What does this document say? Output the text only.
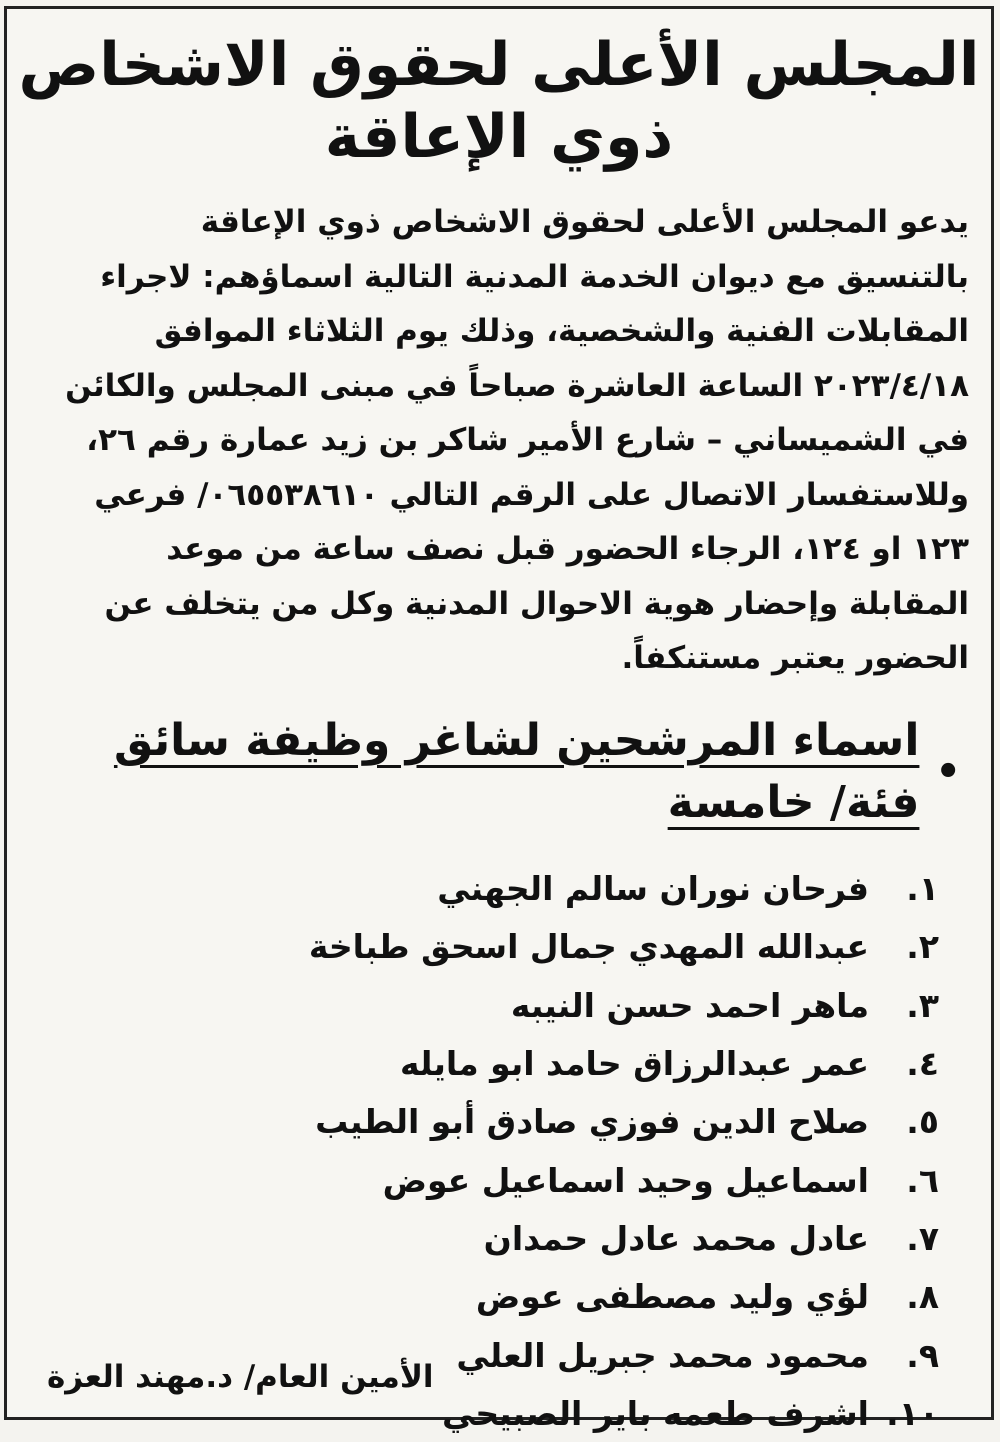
المجلس الأعلى لحقوق الاشخاص
ذوي الإعاقة
يدعو المجلس الأعلى لحقوق الاشخاص ذوي الإعاقة
بالتنسيق مع ديوان الخدمة المدنية التالية اسماؤهم: لاجراء
المقابلات الفنية والشخصية، وذلك يوم الثلاثاء الموافق
٢٠٢٣/٤/١٨ الساعة العاشرة صباحاً في مبنى المجلس والكائن
في الشميساني – شارع الأمير شاكر بن زيد عمارة رقم ٢٦،
وللاستفسار الاتصال على الرقم التالي ٠٦٥٥٣٨٦١٠/ فرعي
١٢٣ او ١٢٤، الرجاء الحضور قبل نصف ساعة من موعد
المقابلة وإحضار هوية الاحوال المدنية وكل من يتخلف عن
الحضور يعتبر مستنكفاً.
•
اسماء المرشحين لشاغر وظيفة سائق فئة/ خامسة
١.
فرحان نوران سالم الجهني
٢.
عبدالله المهدي جمال اسحق طباخة
٣.
ماهر احمد حسن النيبه
٤.
عمر عبدالرزاق حامد ابو مايله
٥.
صلاح الدين فوزي صادق أبو الطيب
٦.
اسماعيل وحيد اسماعيل عوض
٧.
عادل محمد عادل حمدان
٨.
لؤي وليد مصطفى عوض
٩.
محمود محمد جبريل العلي
١٠.
اشرف طعمه باير الصبيحي
الأمين العام/ د.مهند العزة
